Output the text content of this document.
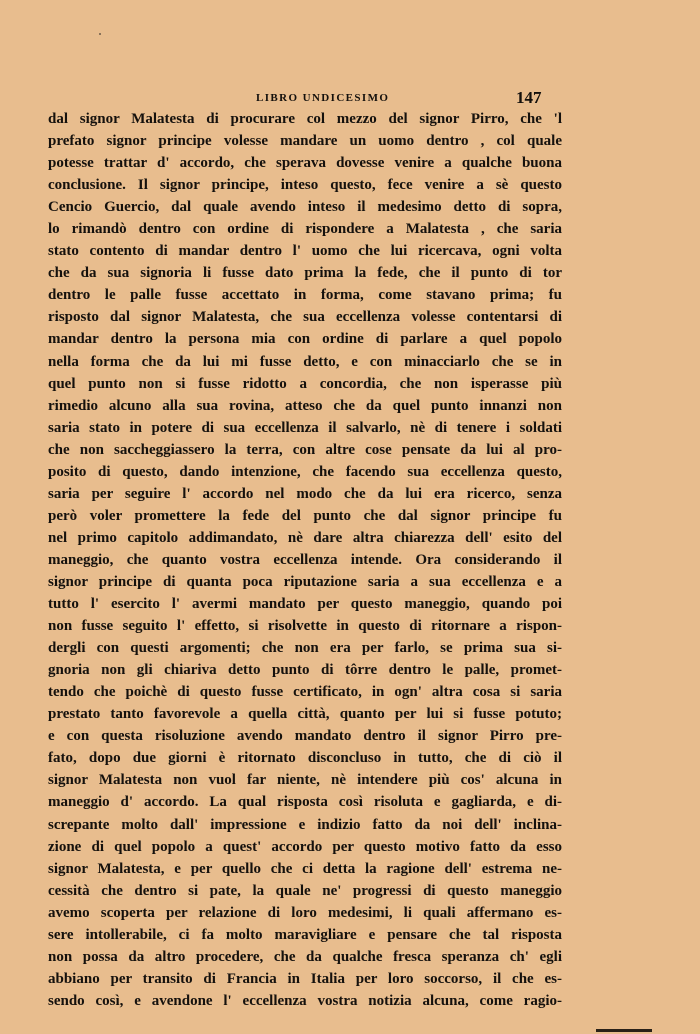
LIBRO UNDICESIMO	147
dal signor Malatesta di procurare col mezzo del signor Pirro, che 'l
prefato signor principe volesse mandare un uomo dentro , col quale
potesse trattar d' accordo, che sperava dovesse venire a qualche buona
conclusione. Il signor principe, inteso questo, fece venire a sè questo
Cencio Guercio, dal quale avendo inteso il medesimo detto di sopra,
lo rimandò dentro con ordine di rispondere a Malatesta , che saria
stato contento di mandar dentro l' uomo che lui ricercava, ogni volta
che da sua signoria li fusse dato prima la fede, che il punto di tor
dentro le palle fusse accettato in forma, come stavano prima; fu
risposto dal signor Malatesta, che sua eccellenza volesse contentarsi di
mandar dentro la persona mia con ordine di parlare a quel popolo
nella forma che da lui mi fusse detto, e con minacciarlo che se in
quel punto non si fusse ridotto a concordia, che non isperasse più
rimedio alcuno alla sua rovina, atteso che da quel punto innanzi non
saria stato in potere di sua eccellenza il salvarlo, nè di tenere i soldati
che non saccheggiassero la terra, con altre cose pensate da lui al pro-
posito di questo, dando intenzione, che facendo sua eccellenza questo,
saria per seguire l' accordo nel modo che da lui era ricerco, senza
però voler promettere la fede del punto che dal signor principe fu
nel primo capitolo addimandato, nè dare altra chiarezza dell' esito del
maneggio, che quanto vostra eccellenza intende. Ora considerando il
signor principe di quanta poca riputazione saria a sua eccellenza e a
tutto l' esercito l' avermi mandato per questo maneggio, quando poi
non fusse seguito l' effetto, si risolvette in questo di ritornare a rispon-
dergli con questi argomenti; che non era per farlo, se prima sua si-
gnoria non gli chiariva detto punto di tôrre dentro le palle, promet-
tendo che poichè di questo fusse certificato, in ogn' altra cosa si saria
prestato tanto favorevole a quella città, quanto per lui si fusse potuto;
e con questa risoluzione avendo mandato dentro il signor Pirro pre-
fato, dopo due giorni è ritornato disconcluso in tutto, che di ciò il
signor Malatesta non vuol far niente, nè intendere più cos' alcuna in
maneggio d' accordo. La qual risposta così risoluta e gagliarda, e di-
screpante molto dall' impressione e indizio fatto da noi dell' inclina-
zione di quel popolo a quest' accordo per questo motivo fatto da esso
signor Malatesta, e per quello che ci detta la ragione dell' estrema ne-
cessità che dentro si pate, la quale ne' progressi di questo maneggio
avemo scoperta per relazione di loro medesimi, li quali affermano es-
sere intollerabile, ci fa molto maravigliare e pensare che tal risposta
non possa da altro procedere, che da qualche fresca speranza ch' egli
abbiano per transito di Francia in Italia per loro soccorso, il che es-
sendo così, e avendone l' eccellenza vostra notizia alcuna, come ragio-
